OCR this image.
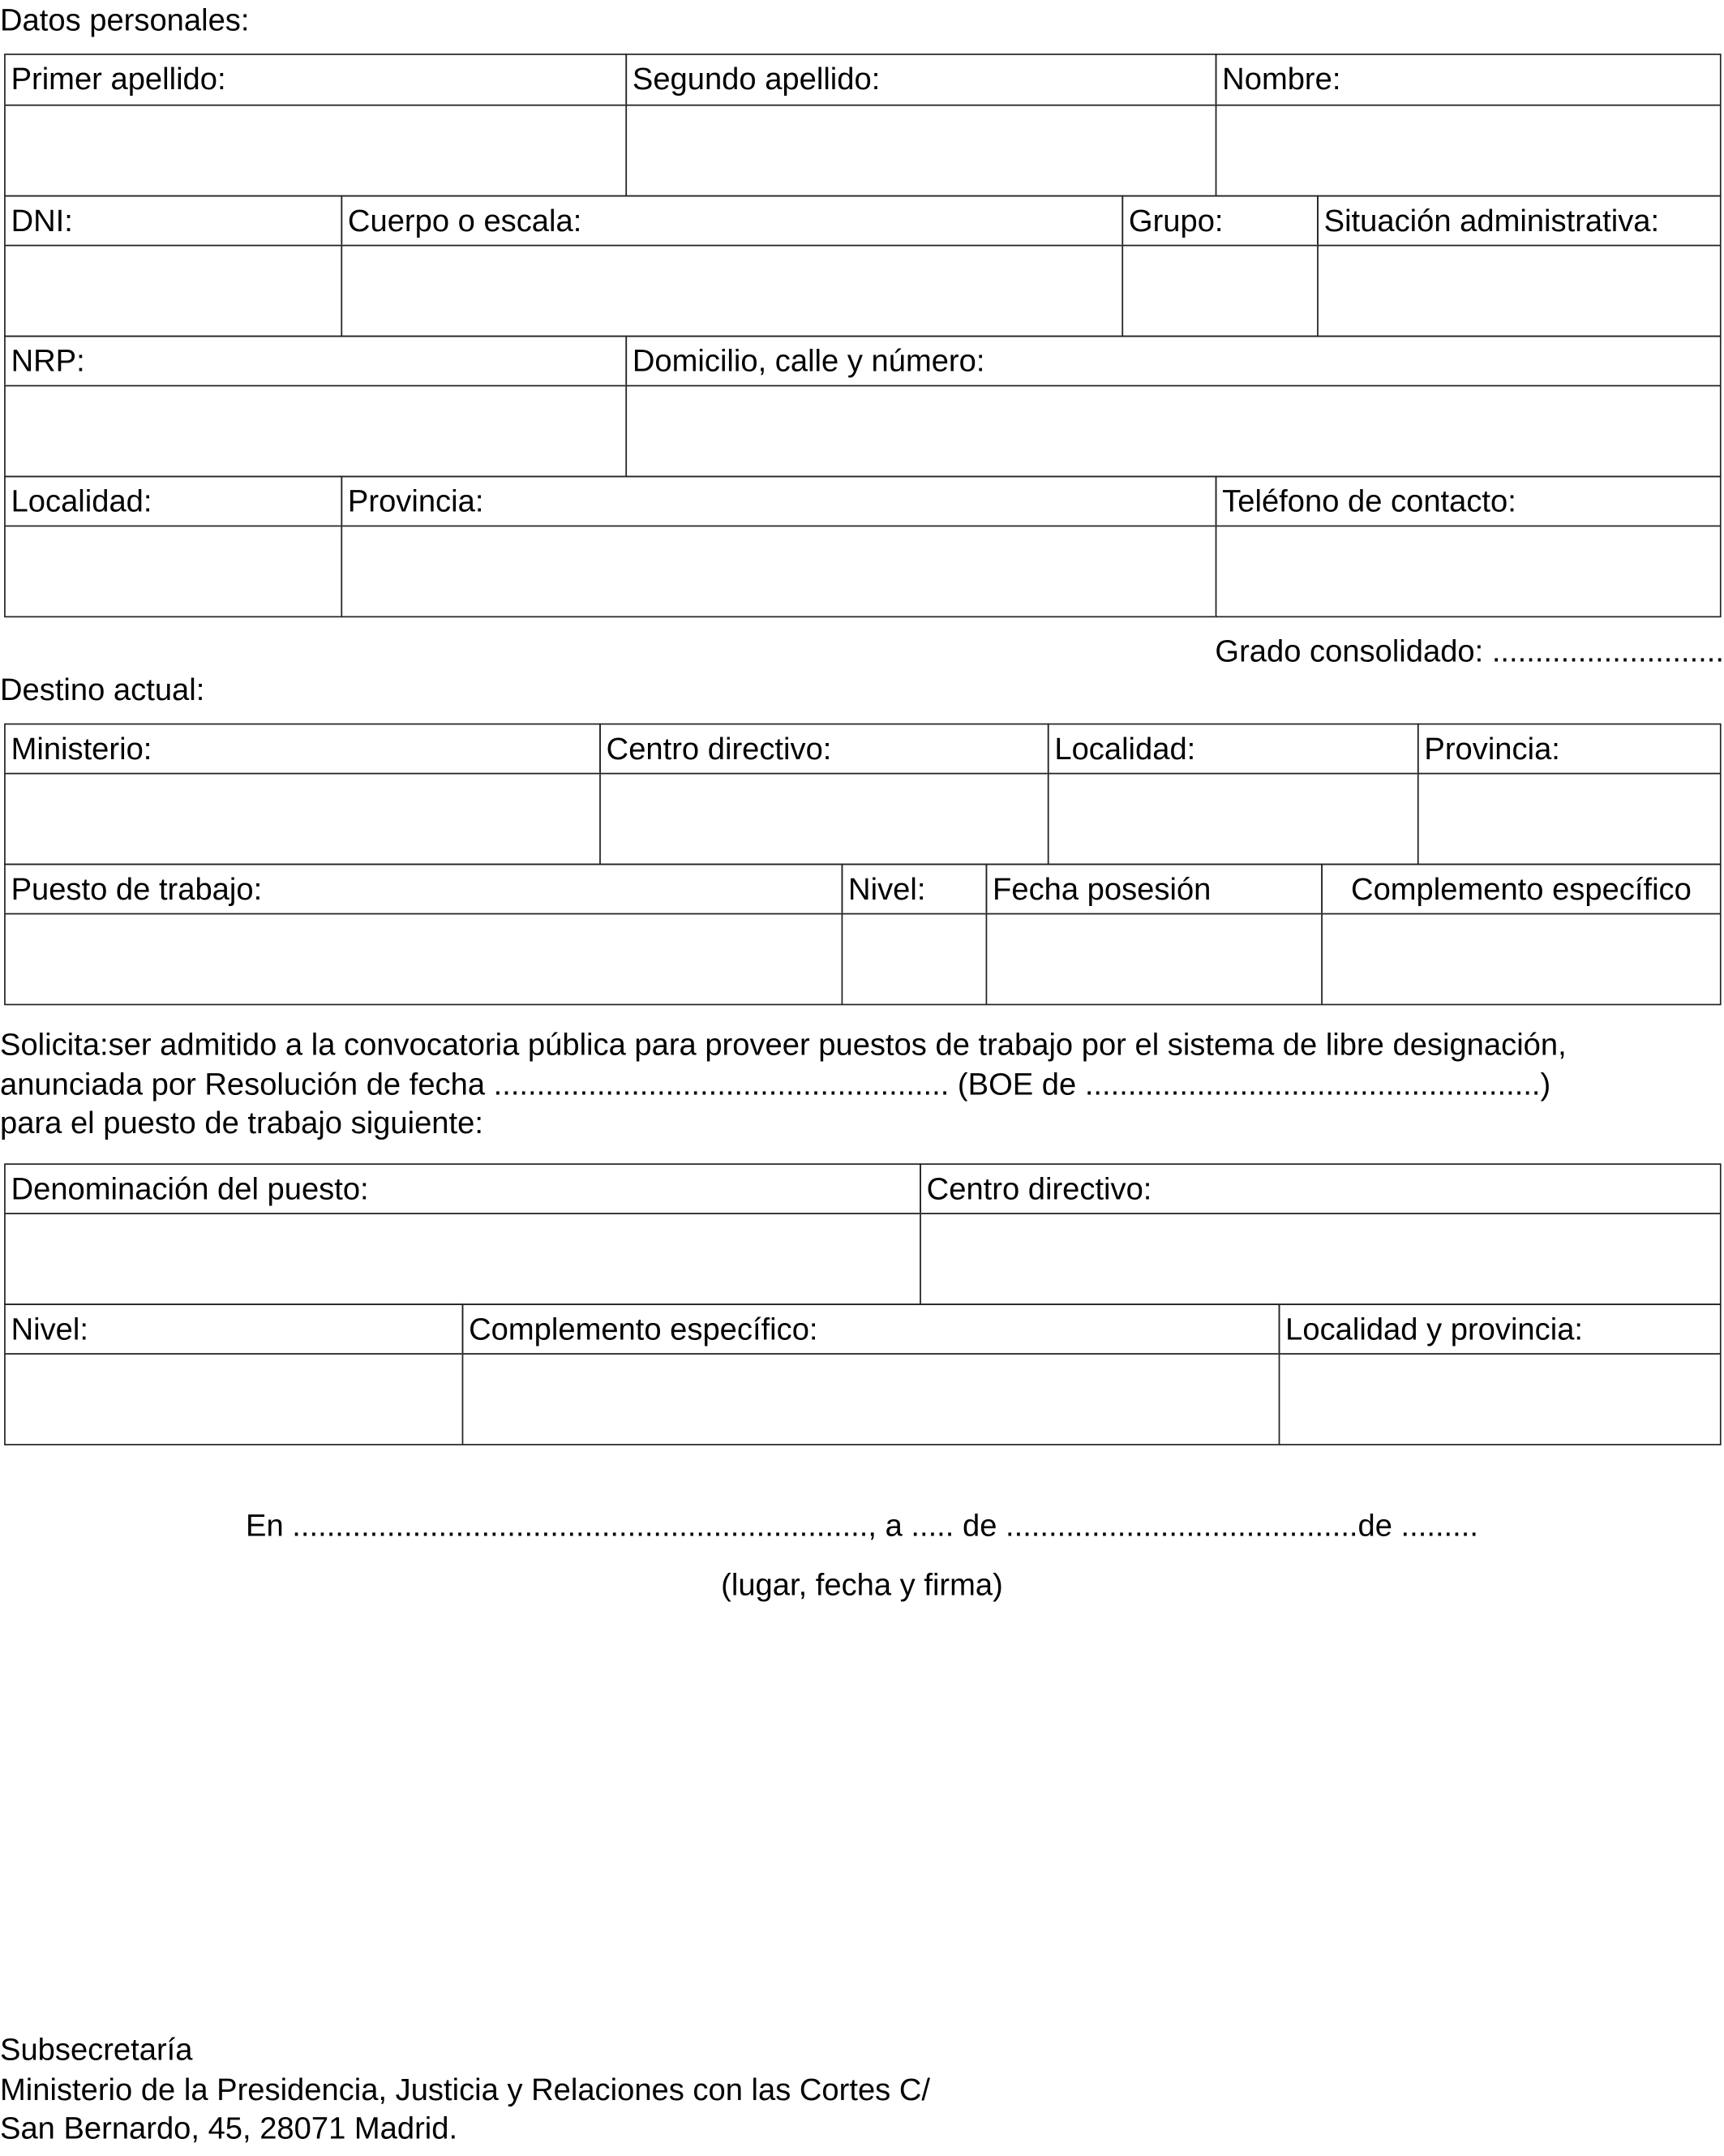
Datos personales:
Grado consolidado: ...........................
Destino actual:
Solicita:ser admitido a la convocatoria pública para proveer puestos de trabajo por el sistema de libre designación,
anunciada por Resolución de fecha ..................................................... (BOE de .....................................................)
para el puesto de trabajo siguiente:
En ..................................................................., a ..... de .........................................de .........
(lugar, fecha y firma)
Subsecretaría
Ministerio de la Presidencia, Justicia y Relaciones con las Cortes C/
San Bernardo, 45, 28071 Madrid.
Primer apellido:	Segundo apellido:	Nombre:
DNI:	Cuerpo o escala:	Grupo:	Situación administrativa:
NRP:	Domicilio, calle y número:
Localidad:	Provincia:	Teléfono de contacto:
Ministerio:	Centro directivo:	Localidad:	Provincia:
Puesto de trabajo:	Nivel:	Fecha posesión	Complemento específico
Denominación del puesto:	Centro directivo:
Nivel:	Complemento específico:	Localidad y provincia:
